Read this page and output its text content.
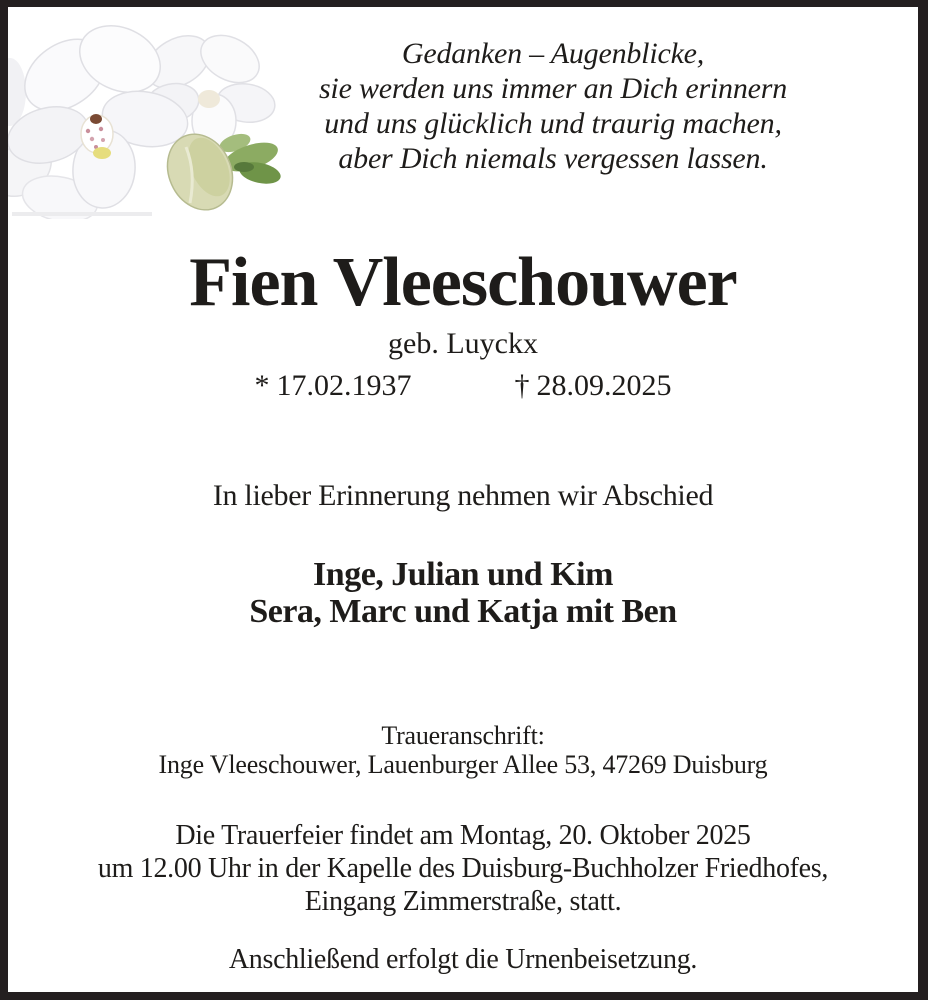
Gedanken – Augenblicke,
sie werden uns immer an Dich erinnern
und uns glücklich und traurig machen,
aber Dich niemals vergessen lassen.
Fien Vleeschouwer
geb. Luyckx
* 17.02.1937	† 28.09.2025
In lieber Erinnerung nehmen wir Abschied
Inge, Julian und Kim
Sera, Marc und Katja mit Ben
Traueranschrift:
Inge Vleeschouwer, Lauenburger Allee 53, 47269 Duisburg
Die Trauerfeier findet am Montag, 20. Oktober 2025
um 12.00 Uhr in der Kapelle des Duisburg-Buchholzer Friedhofes,
Eingang Zimmerstraße, statt.
Anschließend erfolgt die Urnenbeisetzung.
